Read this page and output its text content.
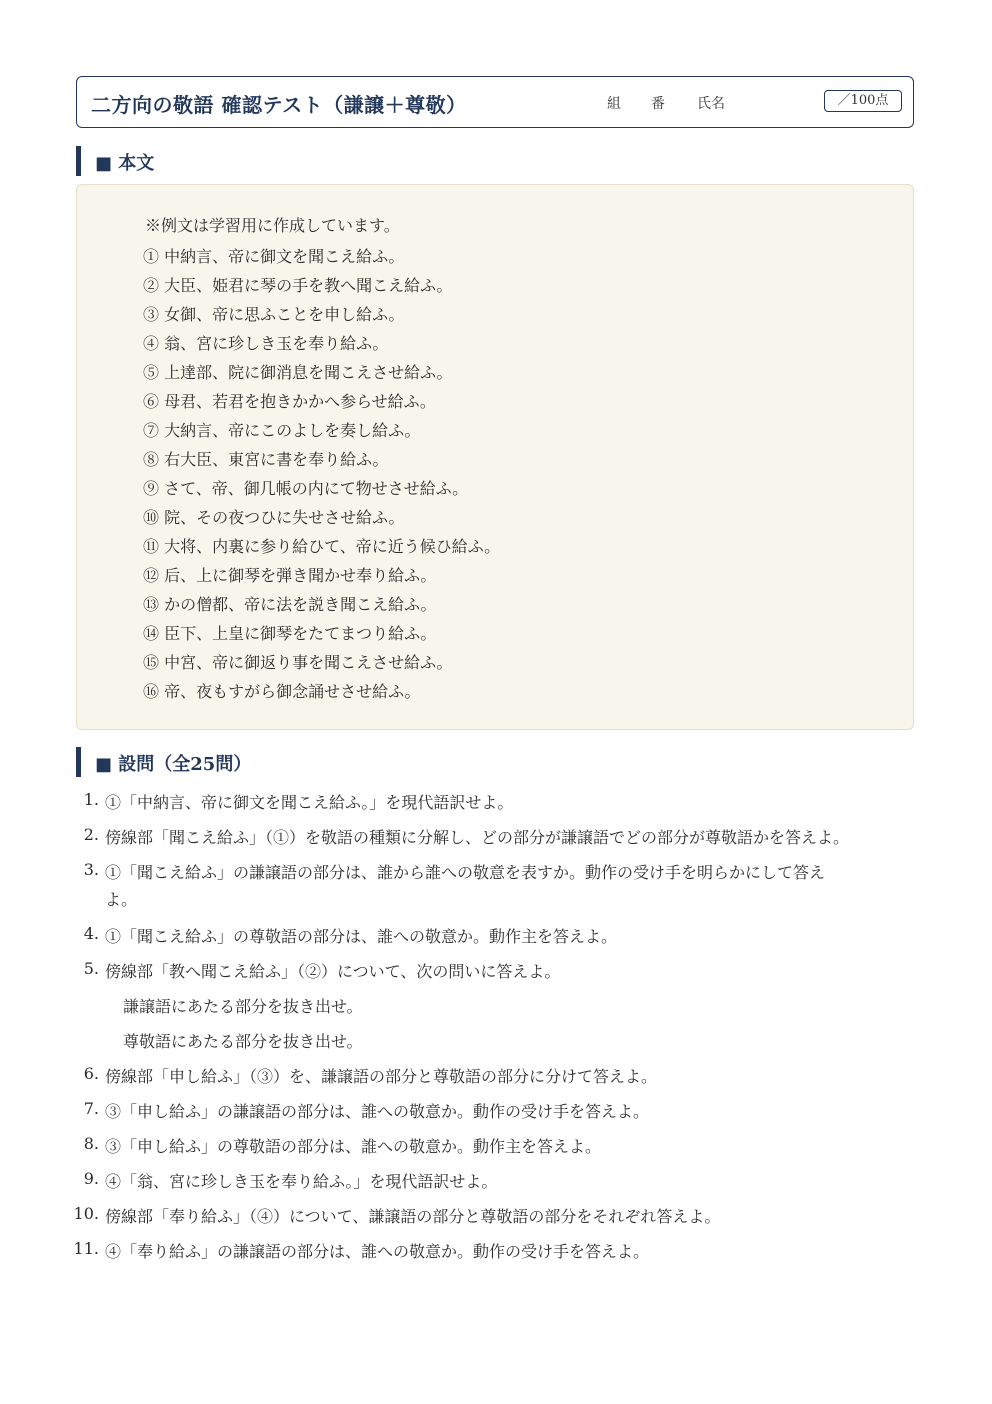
二方向の敬語 確認テスト（謙譲＋尊敬）	組 番 氏名	／100点
■ 本文
※例文は学習用に作成しています。
① 中納言、帝に御文を聞こえ給ふ。
② 大臣、姫君に琴の手を教へ聞こえ給ふ。
③ 女御、帝に思ふことを申し給ふ。
④ 翁、宮に珍しき玉を奉り給ふ。
⑤ 上達部、院に御消息を聞こえさせ給ふ。
⑥ 母君、若君を抱きかかへ参らせ給ふ。
⑦ 大納言、帝にこのよしを奏し給ふ。
⑧ 右大臣、東宮に書を奉り給ふ。
⑨ さて、帝、御几帳の内にて物せさせ給ふ。
⑩ 院、その夜つひに失せさせ給ふ。
⑪ 大将、内裏に参り給ひて、帝に近う候ひ給ふ。
⑫ 后、上に御琴を弾き聞かせ奉り給ふ。
⑬ かの僧都、帝に法を説き聞こえ給ふ。
⑭ 臣下、上皇に御琴をたてまつり給ふ。
⑮ 中宮、帝に御返り事を聞こえさせ給ふ。
⑯ 帝、夜もすがら御念誦せさせ給ふ。
■ 設問（全25問）
1. ①「中納言、帝に御文を聞こえ給ふ。」を現代語訳せよ。
2. 傍線部「聞こえ給ふ」（①）を敬語の種類に分解し、どの部分が謙譲語でどの部分が尊敬語かを答えよ。
3. ①「聞こえ給ふ」の謙譲語の部分は、誰から誰への敬意を表すか。動作の受け手を明らかにして答え
よ。
4. ①「聞こえ給ふ」の尊敬語の部分は、誰への敬意か。動作主を答えよ。
5. 傍線部「教へ聞こえ給ふ」（②）について、次の問いに答えよ。
謙譲語にあたる部分を抜き出せ。
尊敬語にあたる部分を抜き出せ。
6. 傍線部「申し給ふ」（③）を、謙譲語の部分と尊敬語の部分に分けて答えよ。
7. ③「申し給ふ」の謙譲語の部分は、誰への敬意か。動作の受け手を答えよ。
8. ③「申し給ふ」の尊敬語の部分は、誰への敬意か。動作主を答えよ。
9. ④「翁、宮に珍しき玉を奉り給ふ。」を現代語訳せよ。
10. 傍線部「奉り給ふ」（④）について、謙譲語の部分と尊敬語の部分をそれぞれ答えよ。
11. ④「奉り給ふ」の謙譲語の部分は、誰への敬意か。動作の受け手を答えよ。
